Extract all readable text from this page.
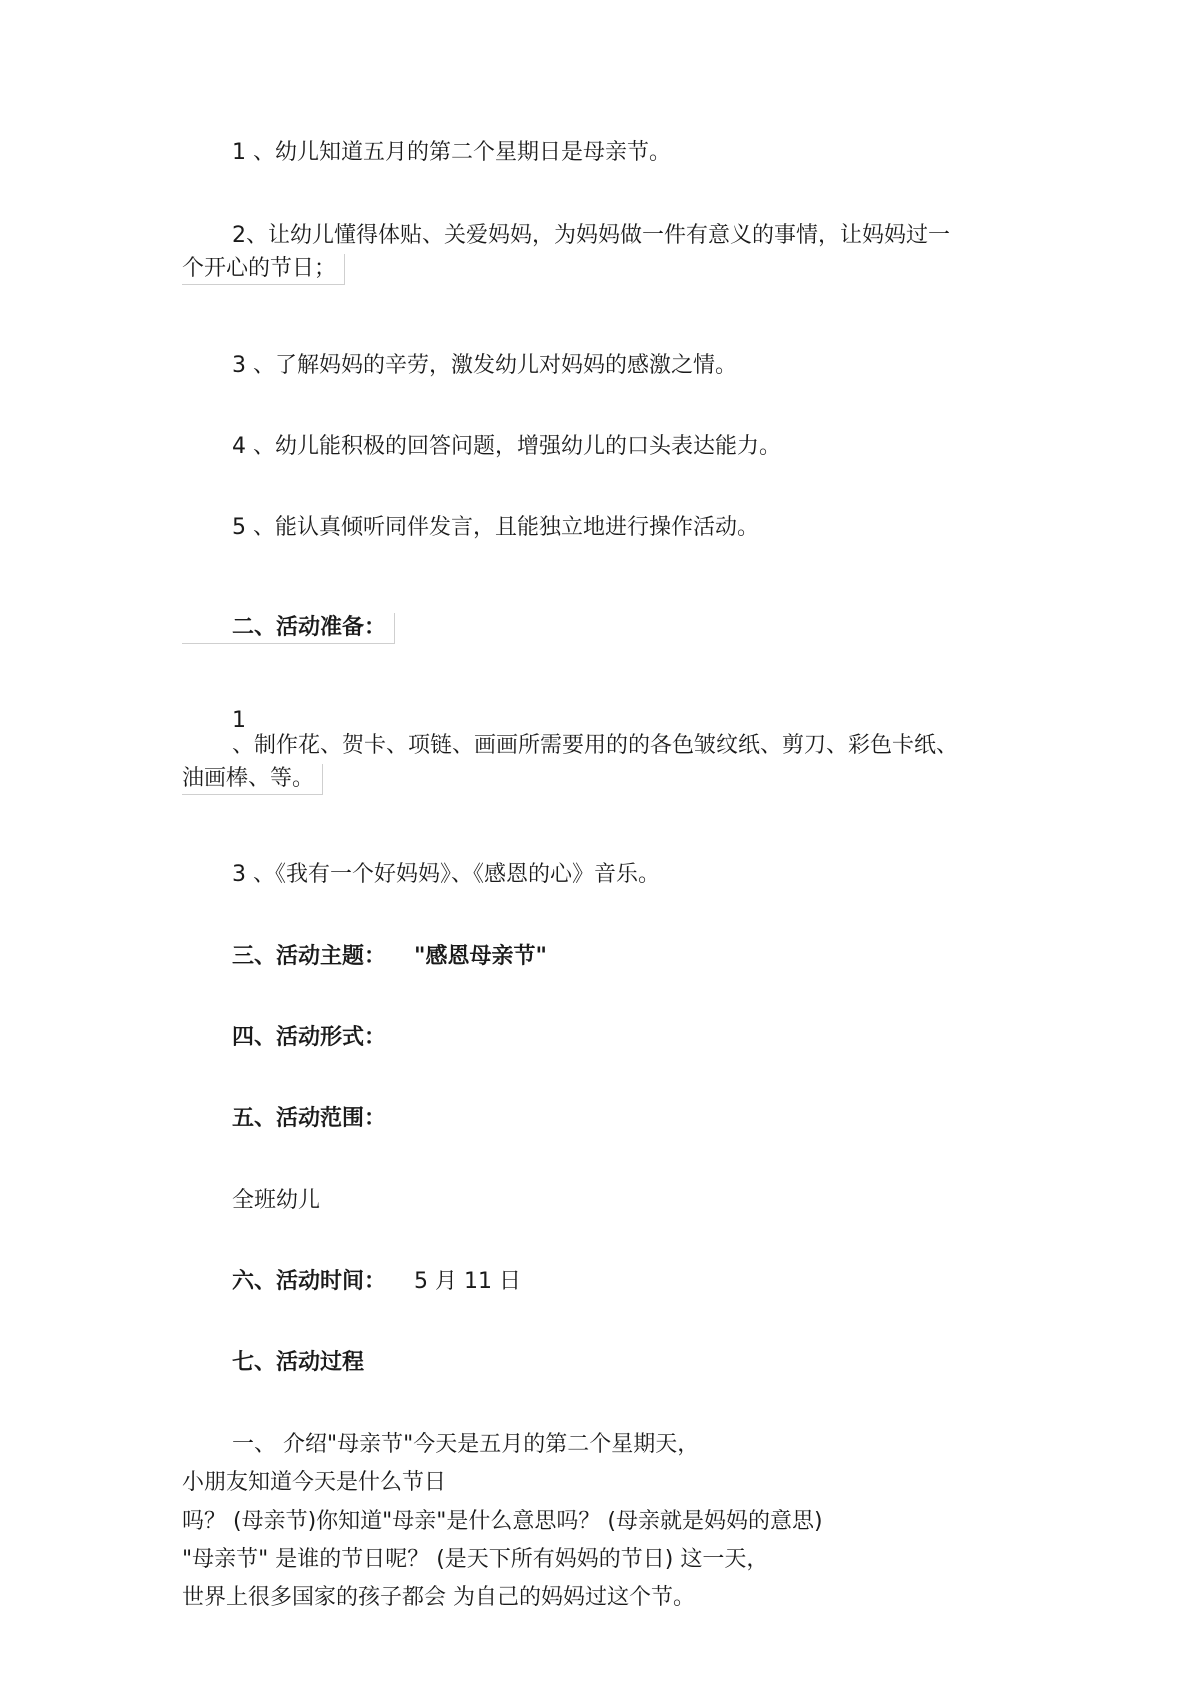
1 、幼儿知道五月的第二个星期日是母亲节。
2、让幼儿懂得体贴、关爱妈妈，为妈妈做一件有意义的事情，让妈妈过一
个开心的节日；
3 、了解妈妈的辛劳，激发幼儿对妈妈的感激之情。
4 、幼儿能积极的回答问题，增强幼儿的口头表达能力。
5 、能认真倾听同伴发言，且能独立地进行操作活动。
二、活动准备：
1
、制作花、贺卡、项链、画画所需要用的的各色皱纹纸、剪刀、彩色卡纸、
油画棒、等。
3 、《我有一个好妈妈》、《感恩的心》音乐。
三、活动主题： "感恩母亲节"
四、活动形式：
五、活动范围：
全班幼儿
六、活动时间： 5 月 11 日
七、活动过程
一、 介绍"母亲节"今天是五月的第二个星期天，
小朋友知道今天是什么节日
吗？ (母亲节)你知道"母亲"是什么意思吗？ (母亲就是妈妈的意思)
"母亲节" 是谁的节日呢？ (是天下所有妈妈的节日) 这一天，
世界上很多国家的孩子都会 为自己的妈妈过这个节。
